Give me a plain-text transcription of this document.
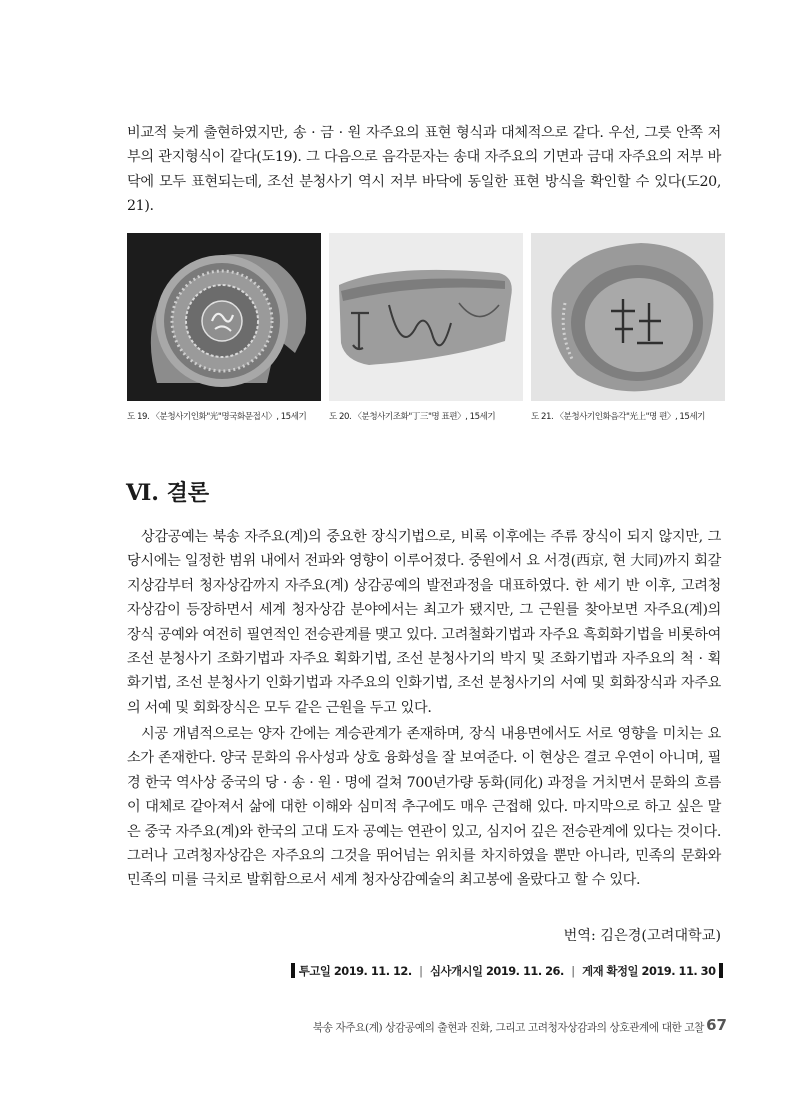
비교적 늦게 출현하였지만, 송 · 금 · 원 자주요의 표현 형식과 대체적으로 같다. 우선, 그릇 안쪽 저부의 관지형식이 같다(도19). 그 다음으로 음각문자는 송대 자주요의 기면과 금대 자주요의 저부 바닥에 모두 표현되는데, 조선 분청사기 역시 저부 바닥에 동일한 표현 방식을 확인할 수 있다(도20, 21).

도 19. 〈분청사기인화"光"명국화문접시〉, 15세기	도 20. 〈분청사기조화"丁三"명 표편〉, 15세기	도 21. 〈분청사기인화음각"光上"명 편〉, 15세기
Ⅵ. 결론

상감공예는 북송 자주요(계)의 중요한 장식기법으로, 비록 이후에는 주류 장식이 되지 않지만, 그 당시에는 일정한 범위 내에서 전파와 영향이 이루어졌다. 중원에서 요 서경(西京, 현 大同)까지 회갈지상감부터 청자상감까지 자주요(계) 상감공예의 발전과정을 대표하였다. 한 세기 반 이후, 고려청자상감이 등장하면서 세계 청자상감 분야에서는 최고가 됐지만, 그 근원를 찾아보면 자주요(계)의 장식 공예와 여전히 필연적인 전승관계를 맺고 있다. 고려철화기법과 자주요 흑회화기법을 비롯하여 조선 분청사기 조화기법과 자주요 획화기법, 조선 분청사기의 박지 및 조화기법과 자주요의 척 · 획화기법, 조선 분청사기 인화기법과 자주요의 인화기법, 조선 분청사기의 서예 및 회화장식과 자주요의 서예 및 회화장식은 모두 같은 근원을 두고 있다.

시공 개념적으로는 양자 간에는 계승관계가 존재하며, 장식 내용면에서도 서로 영향을 미치는 요소가 존재한다. 양국 문화의 유사성과 상호 융화성을 잘 보여준다. 이 현상은 결코 우연이 아니며, 필경 한국 역사상 중국의 당 · 송 · 원 · 명에 걸쳐 700년가량 동화(同化) 과정을 거치면서 문화의 흐름이 대체로 같아져서 삶에 대한 이해와 심미적 추구에도 매우 근접해 있다. 마지막으로 하고 싶은 말은 중국 자주요(계)와 한국의 고대 도자 공예는 연관이 있고, 심지어 깊은 전승관계에 있다는 것이다. 그러나 고려청자상감은 자주요의 그것을 뛰어넘는 위치를 차지하였을 뿐만 아니라, 민족의 문화와 민족의 미를 극치로 발휘함으로서 세계 청자상감예술의 최고봉에 올랐다고 할 수 있다.

번역: 김은경(고려대학교)
투고일 2019. 11. 12. | 심사개시일 2019. 11. 26. | 게재 확정일 2019. 11. 30
북송 자주요(계) 상감공예의 출현과 진화, 그리고 고려청자상감과의 상호관계에 대한 고찰 67
